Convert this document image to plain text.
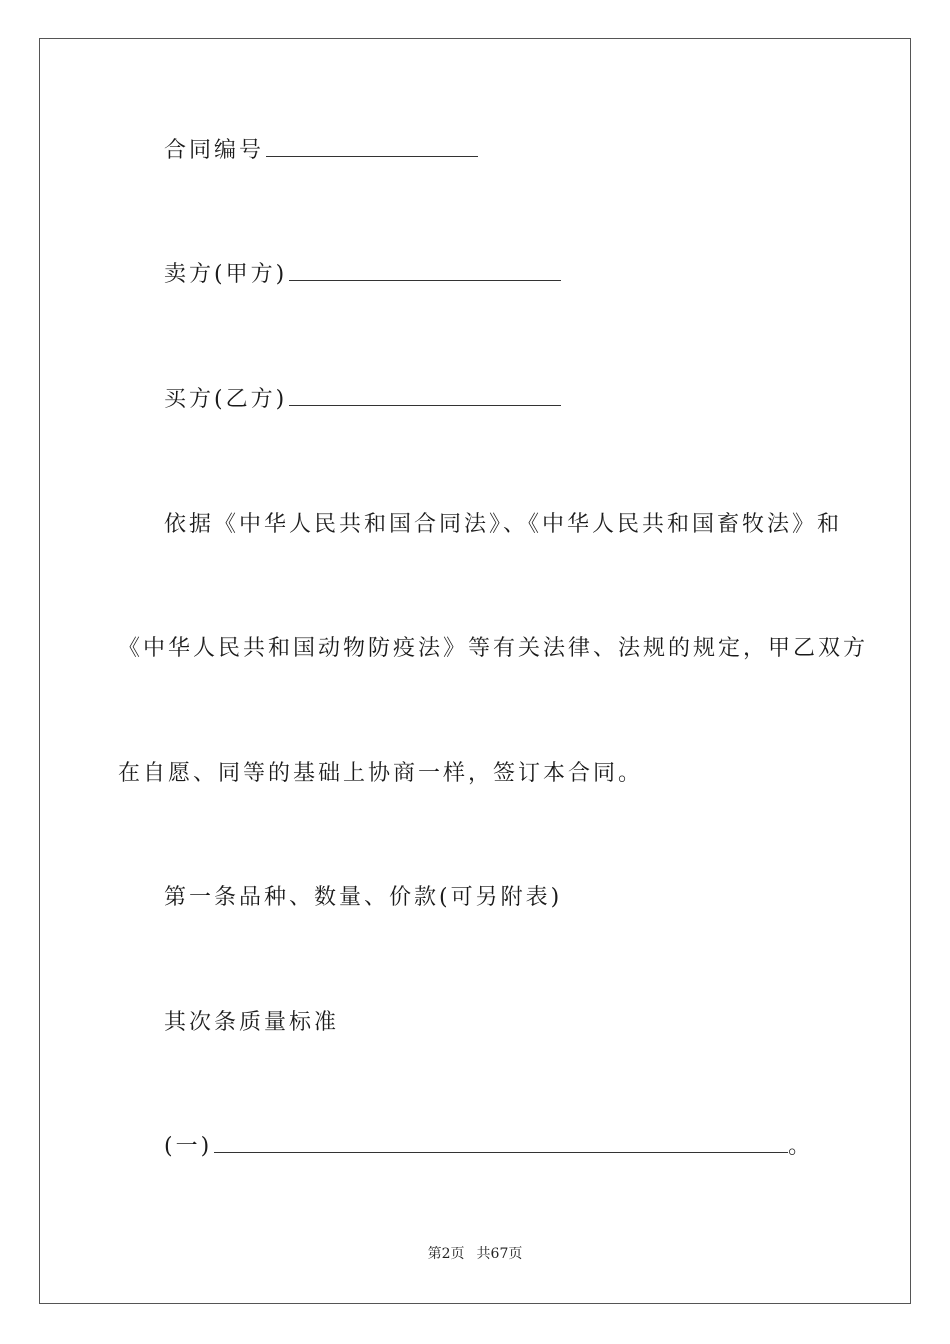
合同编号
卖方(甲方)
买方(乙方)
依据《中华人民共和国合同法》、《中华人民共和国畜牧法》和
《中华人民共和国动物防疫法》等有关法律、法规的规定，甲乙双方
在自愿、同等的基础上协商一样，签订本合同。
第一条品种、数量、价款(可另附表)
其次条质量标准
(一)	。
第2页 共67页
